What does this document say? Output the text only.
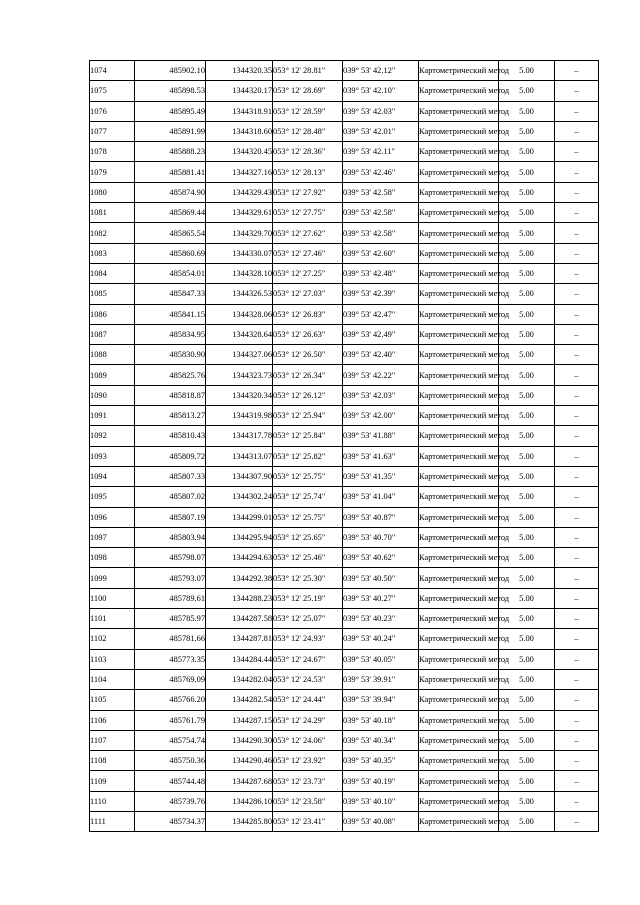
1074	485902.10	1344320.35	053° 12' 28.81"	039° 53' 42.12"	Картометрический метод	5.00	–
1075	485898.53	1344320.17	053° 12' 28.69"	039° 53' 42.10"	Картометрический метод	5.00	–
1076	485895.49	1344318.91	053° 12' 28.59"	039° 53' 42.03"	Картометрический метод	5.00	–
1077	485891.99	1344318.60	053° 12' 28.48"	039° 53' 42.01"	Картометрический метод	5.00	–
1078	485888.23	1344320.45	053° 12' 28.36"	039° 53' 42.11"	Картометрический метод	5.00	–
1079	485881.41	1344327.16	053° 12' 28.13"	039° 53' 42.46"	Картометрический метод	5.00	–
1080	485874.90	1344329.43	053° 12' 27.92"	039° 53' 42.58"	Картометрический метод	5.00	–
1081	485869.44	1344329.61	053° 12' 27.75"	039° 53' 42.58"	Картометрический метод	5.00	–
1082	485865.54	1344329.70	053° 12' 27.62"	039° 53' 42.58"	Картометрический метод	5.00	–
1083	485860.69	1344330.07	053° 12' 27.46"	039° 53' 42.60"	Картометрический метод	5.00	–
1084	485854.01	1344328.10	053° 12' 27.25"	039° 53' 42.48"	Картометрический метод	5.00	–
1085	485847.33	1344326.53	053° 12' 27.03"	039° 53' 42.39"	Картометрический метод	5.00	–
1086	485841.15	1344328.06	053° 12' 26.83"	039° 53' 42.47"	Картометрический метод	5.00	–
1087	485834.95	1344328.64	053° 12' 26.63"	039° 53' 42.49"	Картометрический метод	5.00	–
1088	485830.90	1344327.06	053° 12' 26.50"	039° 53' 42.40"	Картометрический метод	5.00	–
1089	485825.76	1344323.73	053° 12' 26.34"	039° 53' 42.22"	Картометрический метод	5.00	–
1090	485818.87	1344320.34	053° 12' 26.12"	039° 53' 42.03"	Картометрический метод	5.00	–
1091	485813.27	1344319.98	053° 12' 25.94"	039° 53' 42.00"	Картометрический метод	5.00	–
1092	485810.43	1344317.78	053° 12' 25.84"	039° 53' 41.88"	Картометрический метод	5.00	–
1093	485809.72	1344313.07	053° 12' 25.82"	039° 53' 41.63"	Картометрический метод	5.00	–
1094	485807.33	1344307.90	053° 12' 25.75"	039° 53' 41.35"	Картометрический метод	5.00	–
1095	485807.02	1344302.24	053° 12' 25.74"	039° 53' 41.04"	Картометрический метод	5.00	–
1096	485807.19	1344299.01	053° 12' 25.75"	039° 53' 40.87"	Картометрический метод	5.00	–
1097	485803.94	1344295.94	053° 12' 25.65"	039° 53' 40.70"	Картометрический метод	5.00	–
1098	485798.07	1344294.63	053° 12' 25.46"	039° 53' 40.62"	Картометрический метод	5.00	–
1099	485793.07	1344292.38	053° 12' 25.30"	039° 53' 40.50"	Картометрический метод	5.00	–
1100	485789.61	1344288.23	053° 12' 25.19"	039° 53' 40.27"	Картометрический метод	5.00	–
1101	485785.97	1344287.58	053° 12' 25.07"	039° 53' 40.23"	Картометрический метод	5.00	–
1102	485781.66	1344287.81	053° 12' 24.93"	039° 53' 40.24"	Картометрический метод	5.00	–
1103	485773.35	1344284.44	053° 12' 24.67"	039° 53' 40.05"	Картометрический метод	5.00	–
1104	485769.09	1344282.04	053° 12' 24.53"	039° 53' 39.91"	Картометрический метод	5.00	–
1105	485766.20	1344282.54	053° 12' 24.44"	039° 53' 39.94"	Картометрический метод	5.00	–
1106	485761.79	1344287.15	053° 12' 24.29"	039° 53' 40.18"	Картометрический метод	5.00	–
1107	485754.74	1344290.30	053° 12' 24.06"	039° 53' 40.34"	Картометрический метод	5.00	–
1108	485750.36	1344290.46	053° 12' 23.92"	039° 53' 40.35"	Картометрический метод	5.00	–
1109	485744.48	1344287.68	053° 12' 23.73"	039° 53' 40.19"	Картометрический метод	5.00	–
1110	485739.76	1344286.10	053° 12' 23.58"	039° 53' 40.10"	Картометрический метод	5.00	–
1111	485734.37	1344285.80	053° 12' 23.41"	039° 53' 40.08"	Картометрический метод	5.00	–
